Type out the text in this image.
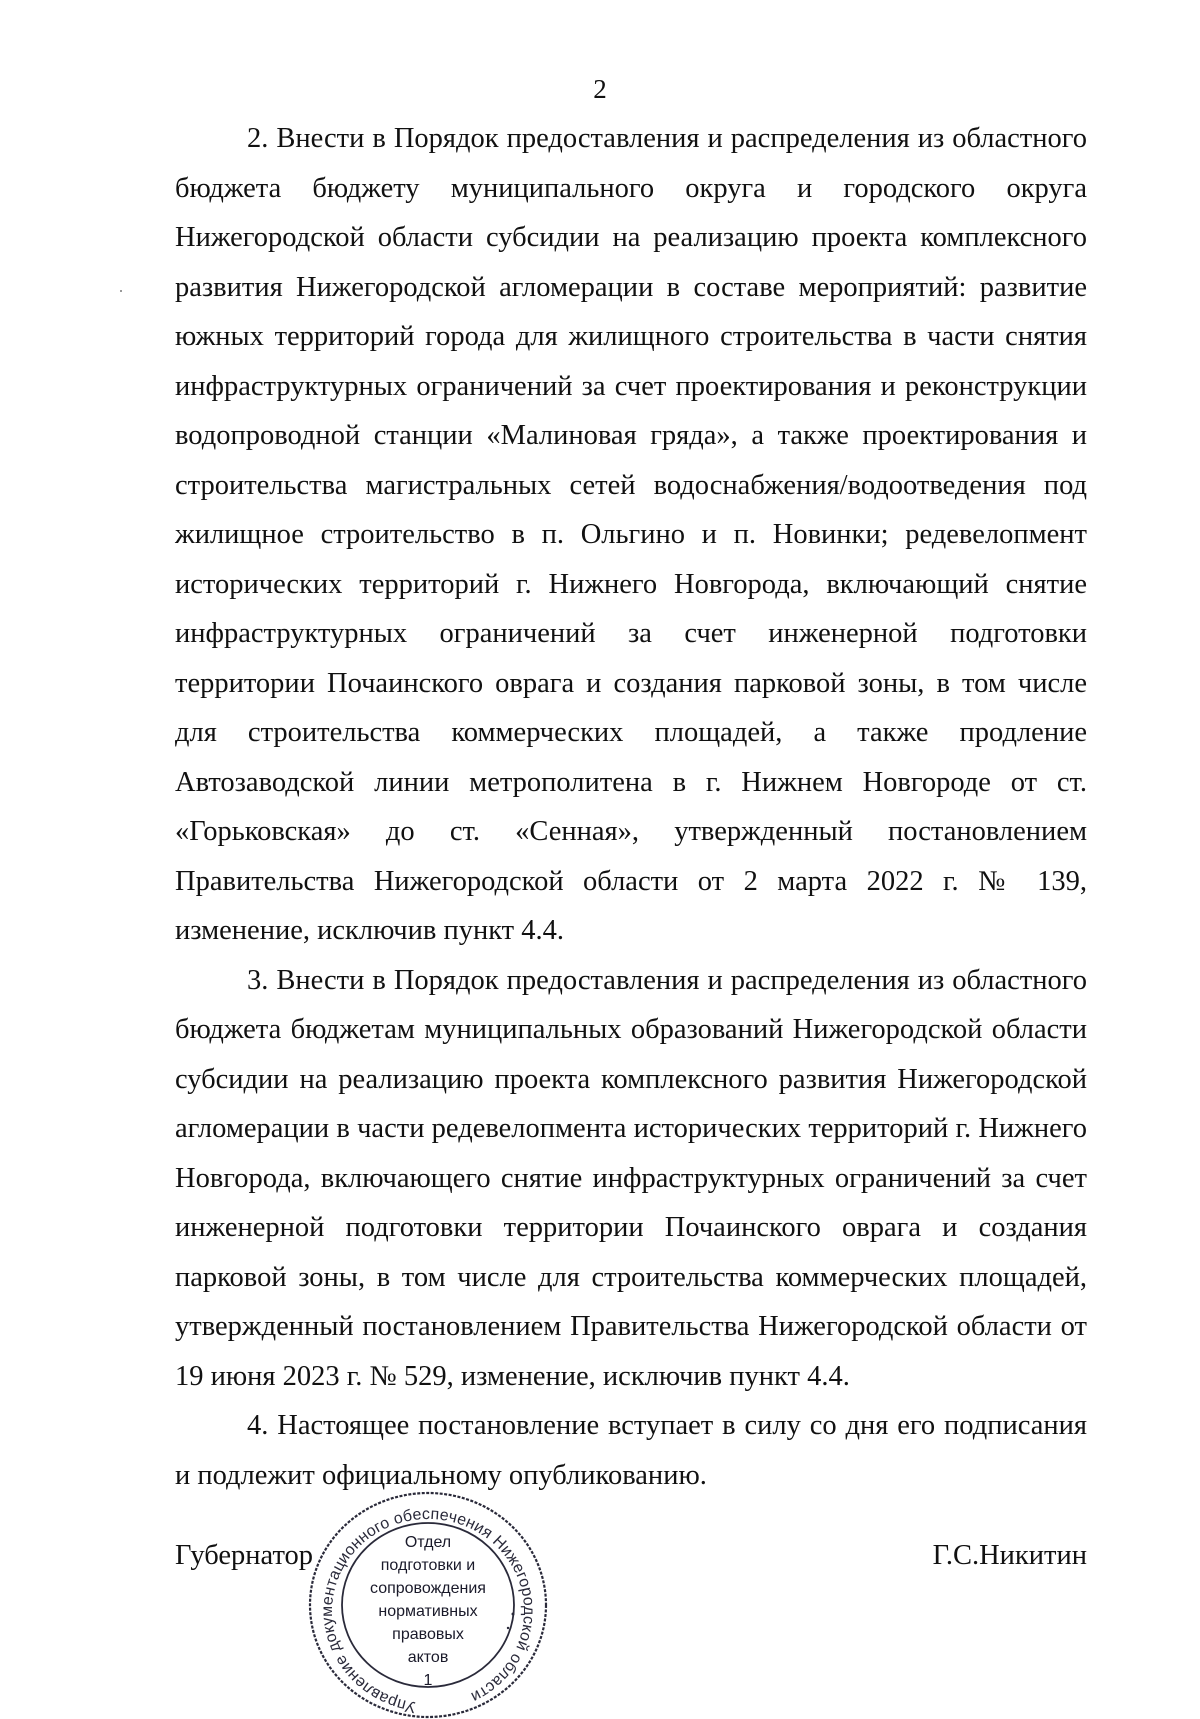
2

2. Внести в Порядок предоставления и распределения из областного бюджета бюджету муниципального округа и городского округа Нижегородской области субсидии на реализацию проекта комплексного развития Нижегородской агломерации в составе мероприятий: развитие южных территорий города для жилищного строительства в части снятия инфраструктурных ограничений за счет проектирования и реконструкции водопроводной станции «Малиновая гряда», а также проектирования и строительства магистральных сетей водоснабжения/водоотведения под жилищное строительство в п. Ольгино и п. Новинки; редевелопмент исторических территорий г. Нижнего Новгорода, включающий снятие инфраструктурных ограничений за счет инженерной подготовки территории Почаинского оврага и создания парковой зоны, в том числе для строительства коммерческих площадей, а также продление Автозаводской линии метрополитена в г. Нижнем Новгороде от ст. «Горьковская» до ст. «Сенная», утвержденный постановлением Правительства Нижегородской области от 2 марта 2022 г. № 139, изменение, исключив пункт 4.4.

3. Внести в Порядок предоставления и распределения из областного бюджета бюджетам муниципальных образований Нижегородской области субсидии на реализацию проекта комплексного развития Нижегородской агломерации в части редевелопмента исторических территорий г. Нижнего Новгорода, включающего снятие инфраструктурных ограничений за счет инженерной подготовки территории Почаинского оврага и создания парковой зоны, в том числе для строительства коммерческих площадей, утвержденный постановлением Правительства Нижегородской области от 19 июня 2023 г. № 529, изменение, исключив пункт 4.4.

4. Настоящее постановление вступает в силу со дня его подписания и подлежит официальному опубликованию.

Губернатор	Г.С.Никитин
Управление документационного обеспечения Нижегородской области
Отдел
подготовки и
сопровождения
нормативных
правовых
актов
1
